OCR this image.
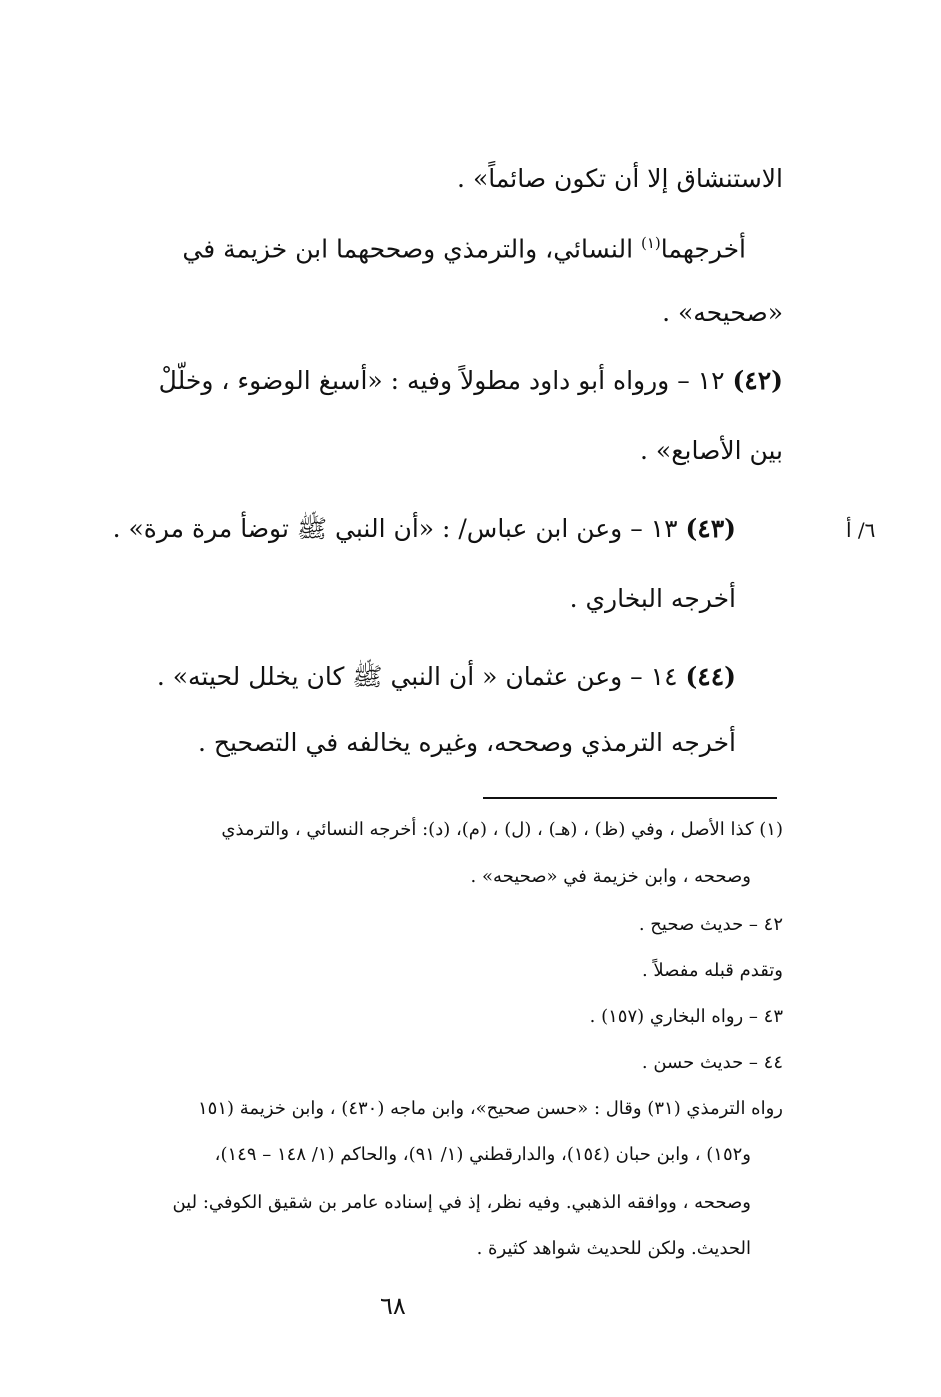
الاستنشاق إلا أن تكون صائماً» .
أخرجهما$^{(١)}$ النسائي، والترمذي وصححهما ابن خزيمة في
«صحيحه» .
(٤٢) ١٢ – ورواه أبو داود مطولاً وفيه : «أسبغ الوضوء ، وخلّلْ
بين الأصابع» .
(٤٣) ١٣ – وعن ابن عباس/ : «أن النبي ﷺ توضأ مرة مرة» .
أخرجه البخاري .
(٤٤) ١٤ – وعن عثمان « أن النبي ﷺ كان يخلل لحيته» .
أخرجه الترمذي وصححه، وغيره يخالفه في التصحيح .
٦/ أ
(١) كذا الأصل ، وفي (ظ) ، (هـ) ، (ل) ، (م)، (د): أخرجه النسائي ، والترمذي
وصححه ، وابن خزيمة في «صحيحه» .
٤٢ – حديث صحيح .
وتقدم قبله مفصلاً .
٤٣ – رواه البخاري (١٥٧) .
٤٤ – حديث حسن .
رواه الترمذي (٣١) وقال : «حسن صحيح»، وابن ماجه (٤٣٠) ، وابن خزيمة (١٥١
و١٥٢) ، وابن حبان (١٥٤)، والدارقطني (١/ ٩١)، والحاكم (١/ ١٤٨ – ١٤٩)،
وصححه ، ووافقه الذهبي. وفيه نظر، إذ في إسناده عامر بن شقيق الكوفي: لين
الحديث. ولكن للحديث شواهد كثيرة .
٦٨
